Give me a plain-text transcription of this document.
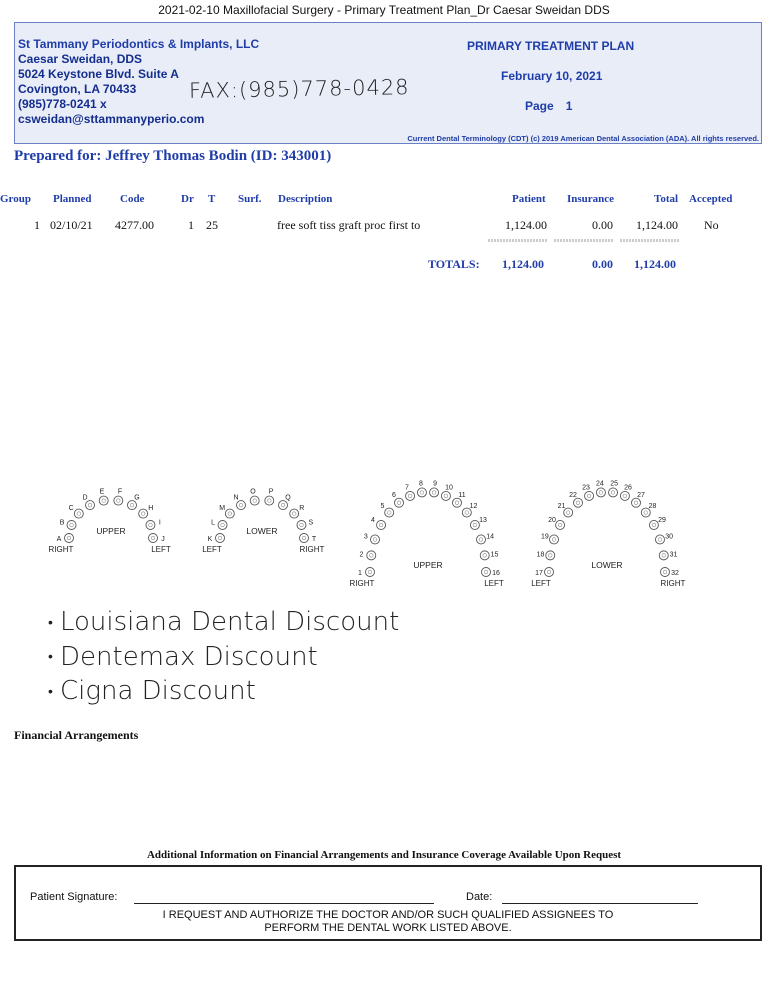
2021-02-10 Maxillofacial Surgery - Primary Treatment Plan_Dr Caesar Sweidan DDS
St Tammany Periodontics & Implants, LLC
Caesar Sweidan, DDS
5024 Keystone Blvd. Suite A
Covington, LA 70433
(985)778-0241 x
csweidan@sttammanyperio.com
FAX:(985)778-0428
PRIMARY TREATMENT PLAN
February 10, 2021
Page 1
Current Dental Terminology (CDT) (c) 2019 American Dental Association (ADA). All rights reserved.
Prepared for: Jeffrey Thomas Bodin (ID: 343001)
Group Planned	Code	Dr T Surf. Description	Patient Insurance	Total Accepted
1 02/10/21 4277.00	1 25	free soft tiss graft proc first to	1,124.00	0.00 1,124.00 No
TOTALS: 1,124.00	0.00 1,124.00
A
B
C
D
E F
G
H
I
J
UPPER
RIGHT	LEFT
K
L
M
N
O P
Q
R
S
T
LOWER
LEFT	RIGHT
1
2
3
4
5
6
7
8 9
10
11
12
13
14
15
16
UPPER
RIGHT	LEFT
17
18
19
20
21
22
23
24 25
26
27
28
29
30
31
32
LOWER
LEFT	RIGHT
• Louisiana Dental Discount
• Dentemax Discount
• Cigna Discount
Financial Arrangements
Additional Information on Financial Arrangements and Insurance Coverage Available Upon Request
Patient Signature:	Date:
I REQUEST AND AUTHORIZE THE DOCTOR AND/OR SUCH QUALIFIED ASSIGNEES TO
PERFORM THE DENTAL WORK LISTED ABOVE.
